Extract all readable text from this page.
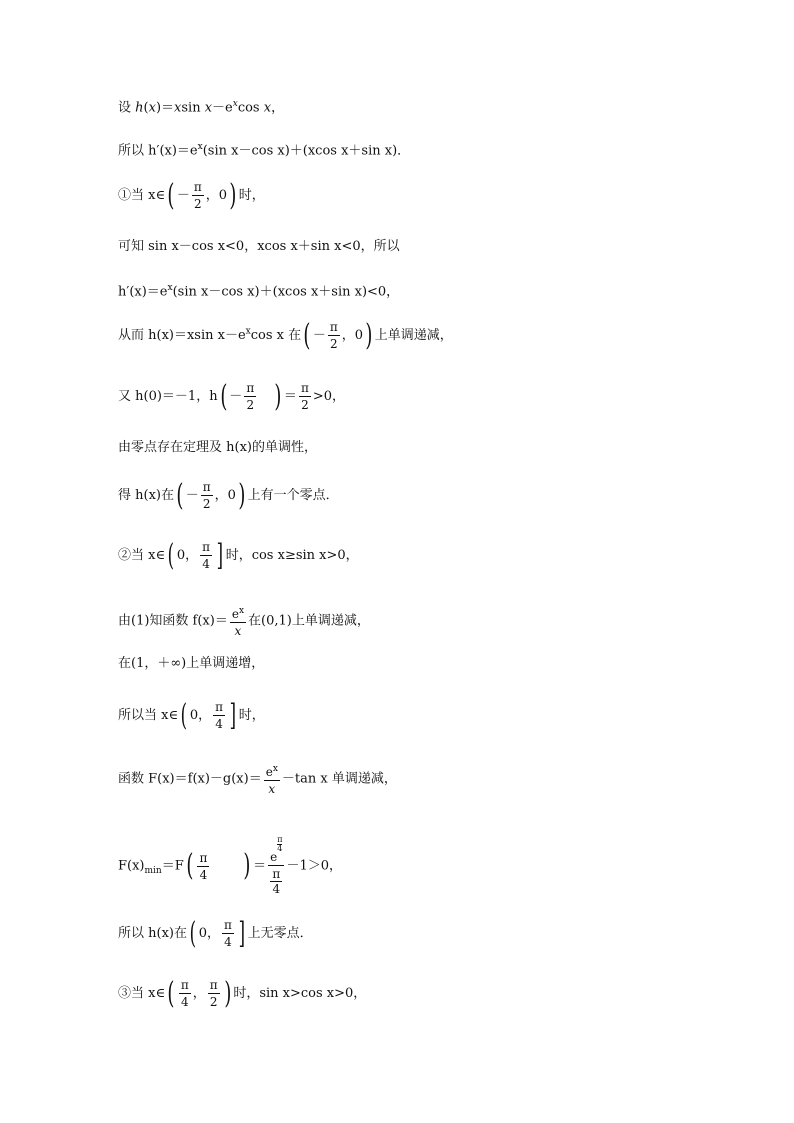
设 h(x)＝xsin $x-e^x\cos$ x，
所以 $h'(x)=e^x(\sin$ x－cos x)＋(xcos x＋sin x)．
①当 x∈( － $\frac{\pi}{2}$ ，0) 时，
可知 sin x－cos x<0，xcos x＋sin x<0，所以
$h'(x)=e^x(\sin$ x－cos x)＋(xcos x＋sin x)<0，
从而 h(x)＝xsin $x-e^x\cos$ x 在( － $\frac{\pi}{2}$ ，0) 上单调递减，
又 h(0)＝－1，$h( - \frac{\pi}{2}$ ) ＝ $\frac{\pi}{2} >0$，
由零点存在定理及 h(x)的单调性，
得 h(x)在( － $\frac{\pi}{2}$ ，0) 上有一个零点．
②当 x∈( 0， $\frac{\pi}{4}$ ] 时，cos x≥sin x>0，
由(1)知函数 $f(x)= \frac{e^x}{x}$ 在(0,1)上单调递减，
在(1，＋∞)上单调递增，
所以当 x∈( 0， $\frac{\pi}{4}$ ] 时，
函数 $F(x)=f(x)-g(x)= \frac{e^x}{x} -\tan$ x 单调递减，
$F(x)_{min}=F( \frac{\pi}{4}$ ) ＝ e
$^{\frac{\pi}{4}}$
π
4 －1＞0，
所以 h(x)在( 0， $\frac{\pi}{4}$ ] 上无零点．
③当 x∈( $\frac{\pi}{4}$ ， $\frac{\pi}{2}$ ) 时，sin x>cos x>0，
